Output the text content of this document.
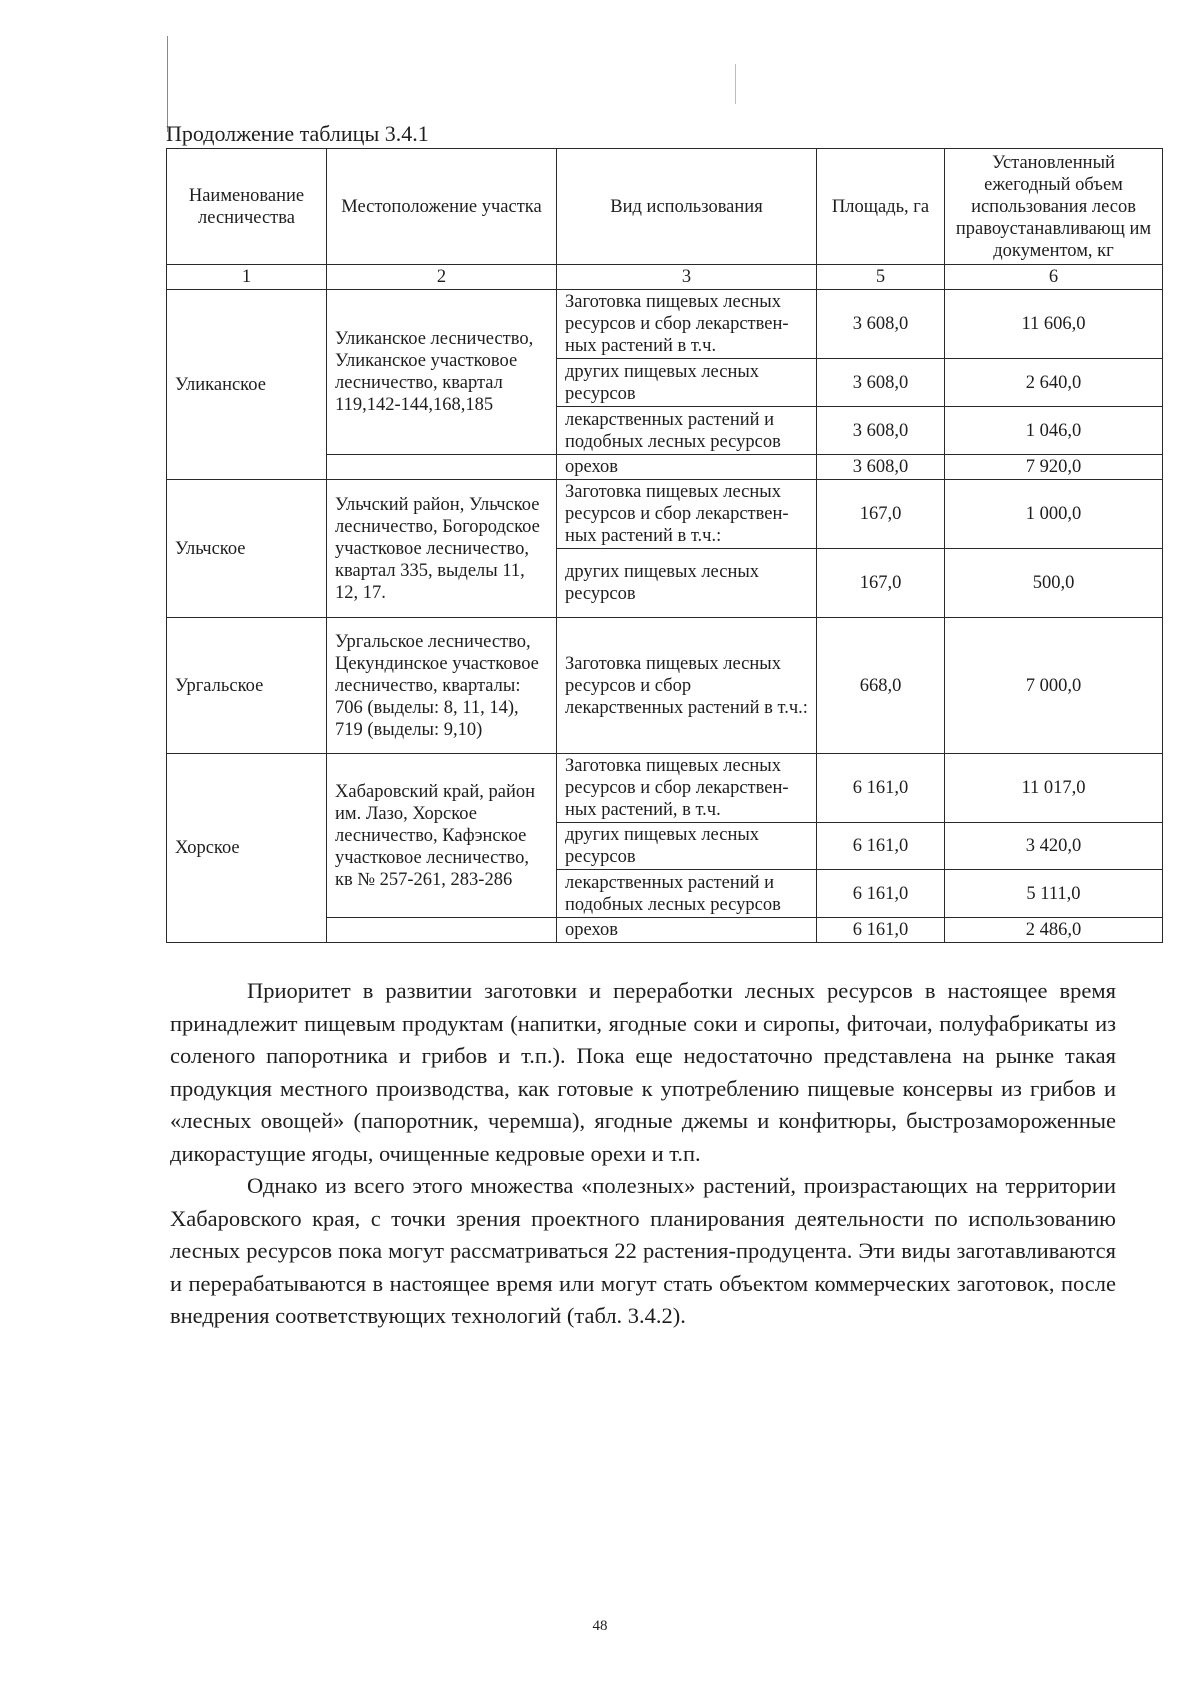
Продолжение таблицы 3.4.1
Наименование лесничества	Местоположение участка	Вид использования	Площадь, га	Установленный ежегодный объем использования лесов правоустанавливающ им документом, кг
1	2	3	5	6
Уликанское	Уликанское лесничество, Уликанское участковое лесничество, квартал 119,142-144,168,185	Заготовка пищевых лесных ресурсов и сбор лекарствен-ных растений в т.ч.	3 608,0	11 606,0
		других пищевых лесных ресурсов	3 608,0	2 640,0
		лекарственных растений и подобных лесных ресурсов	3 608,0	1 046,0
		орехов	3 608,0	7 920,0
Ульчское	Ульчский район, Ульчское лесничество, Богородское участковое лесничество, квартал 335, выделы 11, 12, 17.	Заготовка пищевых лесных ресурсов и сбор лекарствен-ных растений в т.ч.:	167,0	1 000,0
		других пищевых лесных ресурсов	167,0	500,0
Ургальское	Ургальское лесничество, Цекундинское участковое лесничество, кварталы: 706 (выделы: 8, 11, 14), 719 (выделы: 9,10)	Заготовка пищевых лесных ресурсов и сбор лекарственных растений в т.ч.:	668,0	7 000,0
Хорское	Хабаровский край, район им. Лазо, Хорское лесничество, Кафэнское участковое лесничество, кв № 257-261, 283-286	Заготовка пищевых лесных ресурсов и сбор лекарствен-ных растений, в т.ч.	6 161,0	11 017,0
		других пищевых лесных ресурсов	6 161,0	3 420,0
		лекарственных растений и подобных лесных ресурсов	6 161,0	5 111,0
		орехов	6 161,0	2 486,0

Приоритет в развитии заготовки и переработки лесных ресурсов в настоящее время принадлежит пищевым продуктам (напитки, ягодные соки и сиропы, фиточаи, полуфабрикаты из соленого папоротника и грибов и т.п.). Пока еще недостаточно представлена на рынке такая продукция местного производства, как готовые к употреблению пищевые консервы из грибов и «лесных овощей» (папоротник, черемша), ягодные джемы и конфитюры, быстрозамороженные дикорастущие ягоды, очищенные кедровые орехи и т.п.

Однако из всего этого множества «полезных» растений, произрастающих на территории Хабаровского края, с точки зрения проектного планирования деятельности по использованию лесных ресурсов пока могут рассматриваться 22 растения-продуцента. Эти виды заготавливаются и перерабатываются в настоящее время или могут стать объектом коммерческих заготовок, после внедрения соответствующих технологий (табл. 3.4.2).

48
